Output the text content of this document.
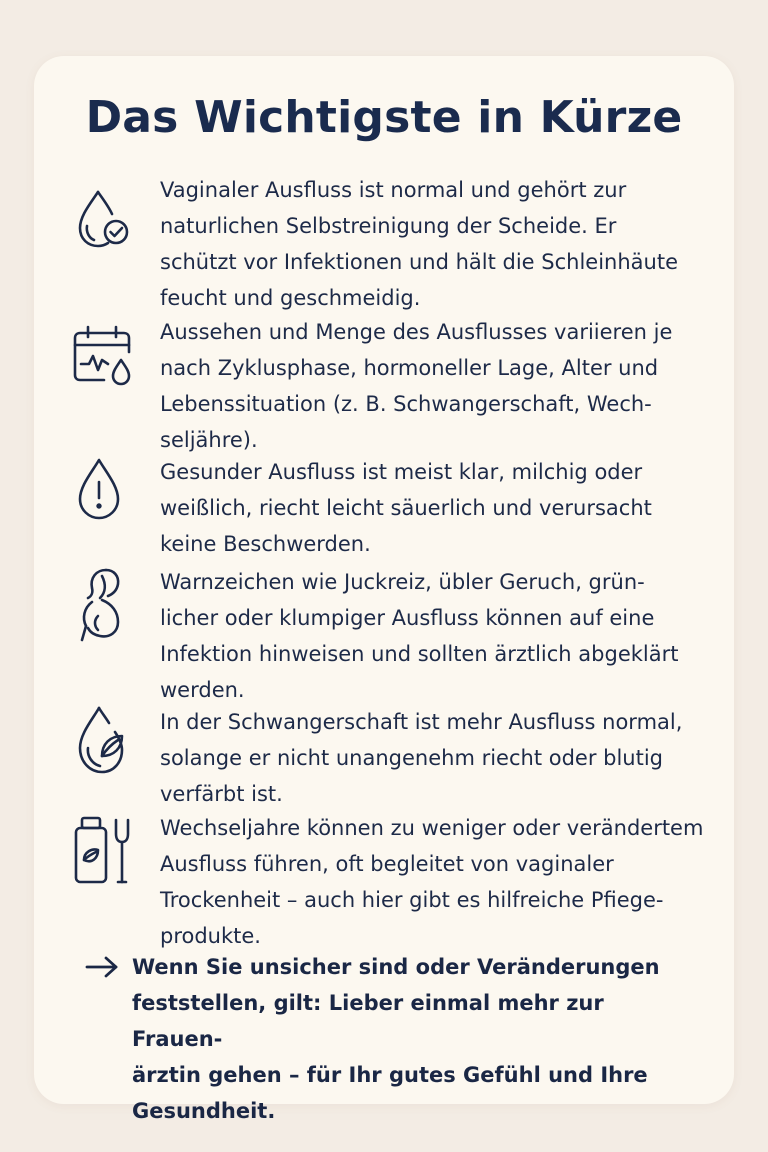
Das Wichtigste in Kürze

Vaginaler Ausfluss ist normal und gehört zur

naturlichen Selbstreinigung der Scheide. Er

schützt vor Infektionen und hält die Schleinhäute

feucht und geschmeidig.

Aussehen und Menge des Ausflusses variieren je

nach Zyklusphase, hormoneller Lage, Alter und

Lebenssituation (z. B. Schwangerschaft, Wech-

seljähre).

Gesunder Ausfluss ist meist klar, milchig oder

weißlich, riecht leicht säuerlich und verursacht

keine Beschwerden.

Warnzeichen wie Juckreiz, übler Geruch, grün-

licher oder klumpiger Ausfluss können auf eine

Infektion hinweisen und sollten ärztlich abgeklärt

werden.

In der Schwangerschaft ist mehr Ausfluss normal,

solange er nicht unangenehm riecht oder blutig

verfärbt ist.

Wechseljahre können zu weniger oder verändertem

Ausfluss führen, oft begleitet von vaginaler

Trockenheit – auch hier gibt es hilfreiche Pfiege-

produkte.

Wenn Sie unsicher sind oder Veränderungen

feststellen, gilt: Lieber einmal mehr zur Frauen-

ärztin gehen – für Ihr gutes Gefühl und Ihre

Gesundheit.
